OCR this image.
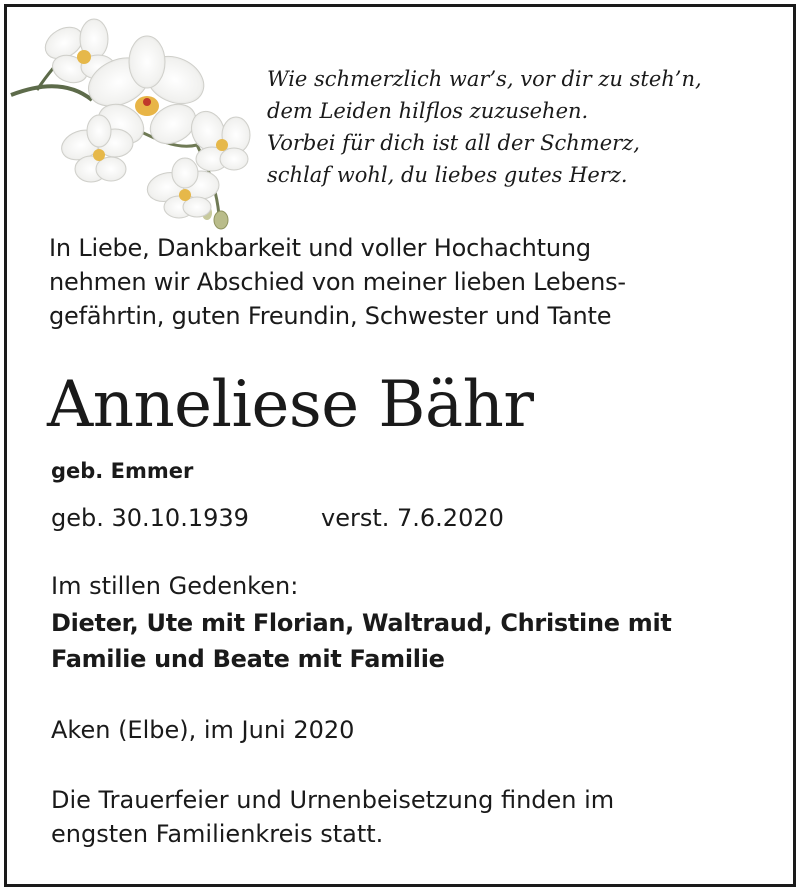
Wie schmerzlich war’s, vor dir zu steh’n,
dem Leiden hilflos zuzusehen.
Vorbei für dich ist all der Schmerz,
schlaf wohl, du liebes gutes Herz.
In Liebe, Dankbarkeit und voller Hochachtung
nehmen wir Abschied von meiner lieben Lebens-
gefährtin, guten Freundin, Schwester und Tante
Anneliese Bähr
geb. Emmer
geb. 30.10.1939	verst. 7.6.2020
Im stillen Gedenken:
Dieter, Ute mit Florian, Waltraud, Christine mit
Familie und Beate mit Familie
Aken (Elbe), im Juni 2020
Die Trauerfeier und Urnenbeisetzung finden im
engsten Familienkreis statt.
